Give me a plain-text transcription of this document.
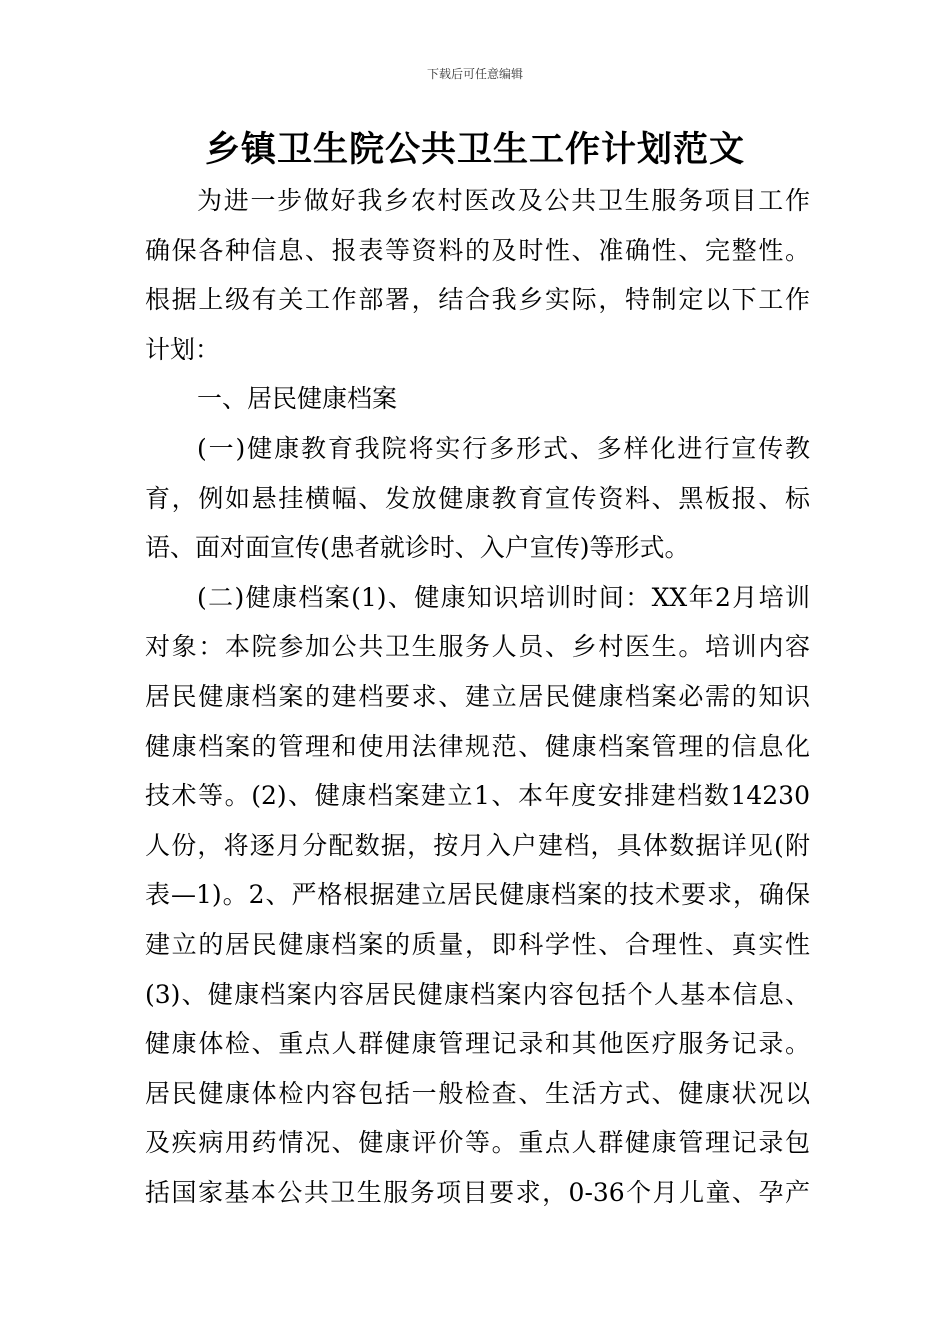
下载后可任意编辑
乡镇卫生院公共卫生工作计划范文
为进一步做好我乡农村医改及公共卫生服务项目工作
确保各种信息、报表等资料的及时性、准确性、完整性。
根据上级有关工作部署，结合我乡实际，特制定以下工作
计划：
一、居民健康档案
(一)健康教育我院将实行多形式、多样化进行宣传教
育，例如悬挂横幅、发放健康教育宣传资料、黑板报、标
语、面对面宣传(患者就诊时、入户宣传)等形式。
(二)健康档案(1)、健康知识培训时间：XX年2月培训
对象：本院参加公共卫生服务人员、乡村医生。培训内容
居民健康档案的建档要求、建立居民健康档案必需的知识
健康档案的管理和使用法律规范、健康档案管理的信息化
技术等。(2)、健康档案建立1、本年度安排建档数14230
人份，将逐月分配数据，按月入户建档，具体数据详见(附
表—1)。2、严格根据建立居民健康档案的技术要求，确保
建立的居民健康档案的质量，即科学性、合理性、真实性
(3)、健康档案内容居民健康档案内容包括个人基本信息、
健康体检、重点人群健康管理记录和其他医疗服务记录。
居民健康体检内容包括一般检查、生活方式、健康状况以
及疾病用药情况、健康评价等。重点人群健康管理记录包
括国家基本公共卫生服务项目要求，0-36个月儿童、孕产
